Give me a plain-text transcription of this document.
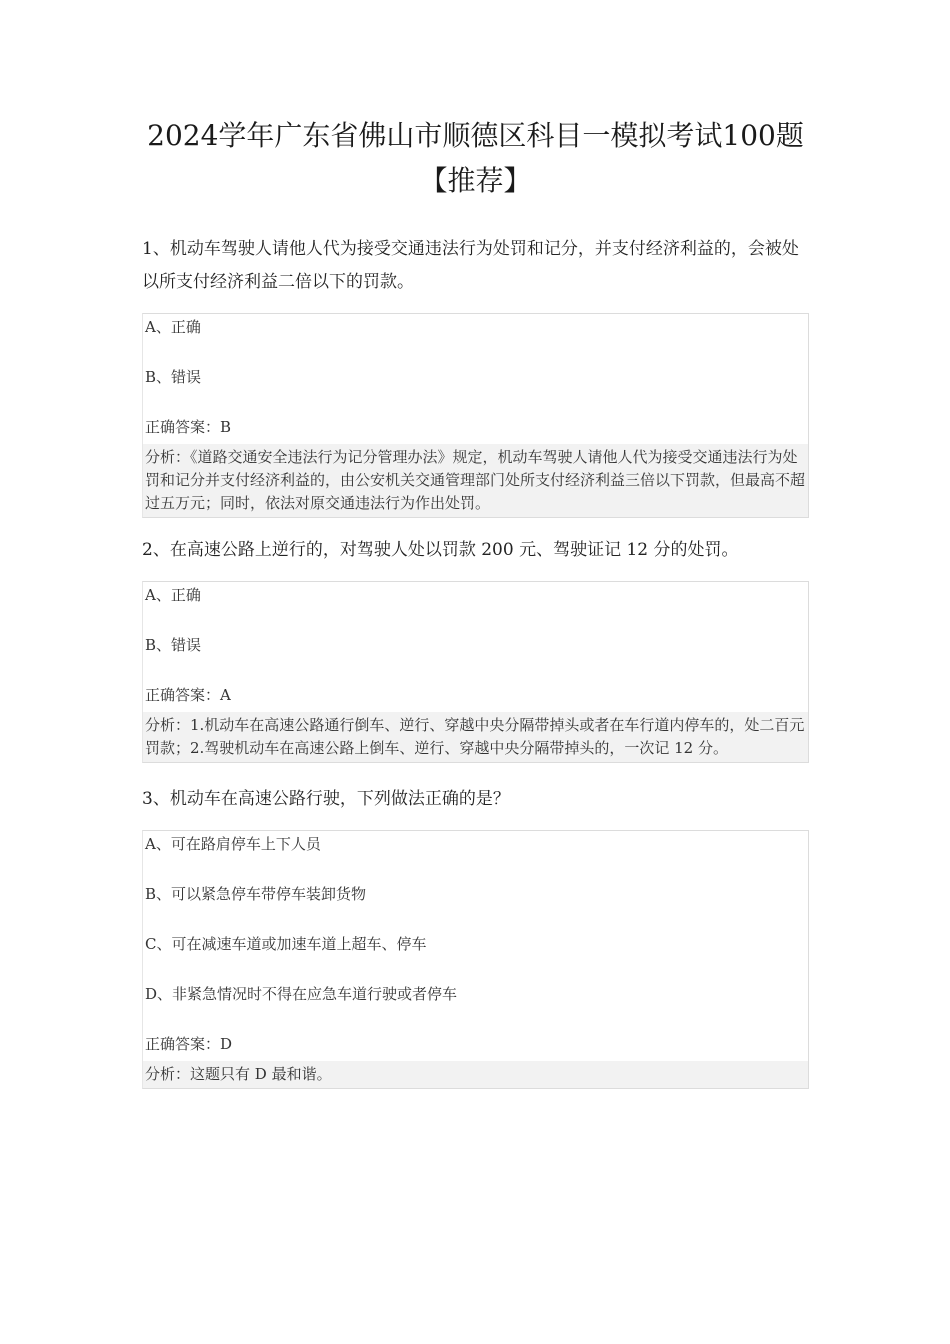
2024学年广东省佛山市顺德区科目一模拟考试100题
【推荐】

1、机动车驾驶人请他人代为接受交通违法行为处罚和记分，并支付经济利益的，会被处以所支付经济利益二倍以下的罚款。

A、正确
B、错误
正确答案：B
分析：《道路交通安全违法行为记分管理办法》规定，机动车驾驶人请他人代为接受交通违法行为处罚和记分并支付经济利益的，由公安机关交通管理部门处所支付经济利益三倍以下罚款，但最高不超过五万元；同时，依法对原交通违法行为作出处罚。

2、在高速公路上逆行的，对驾驶人处以罚款 200 元、驾驶证记 12 分的处罚。

A、正确
B、错误
正确答案：A
分析：1.机动车在高速公路通行倒车、逆行、穿越中央分隔带掉头或者在车行道内停车的，处二百元罚款；2.驾驶机动车在高速公路上倒车、逆行、穿越中央分隔带掉头的，一次记 12 分。

3、机动车在高速公路行驶，下列做法正确的是？

A、可在路肩停车上下人员
B、可以紧急停车带停车装卸货物
C、可在减速车道或加速车道上超车、停车
D、非紧急情况时不得在应急车道行驶或者停车
正确答案：D
分析：这题只有 D 最和谐。
